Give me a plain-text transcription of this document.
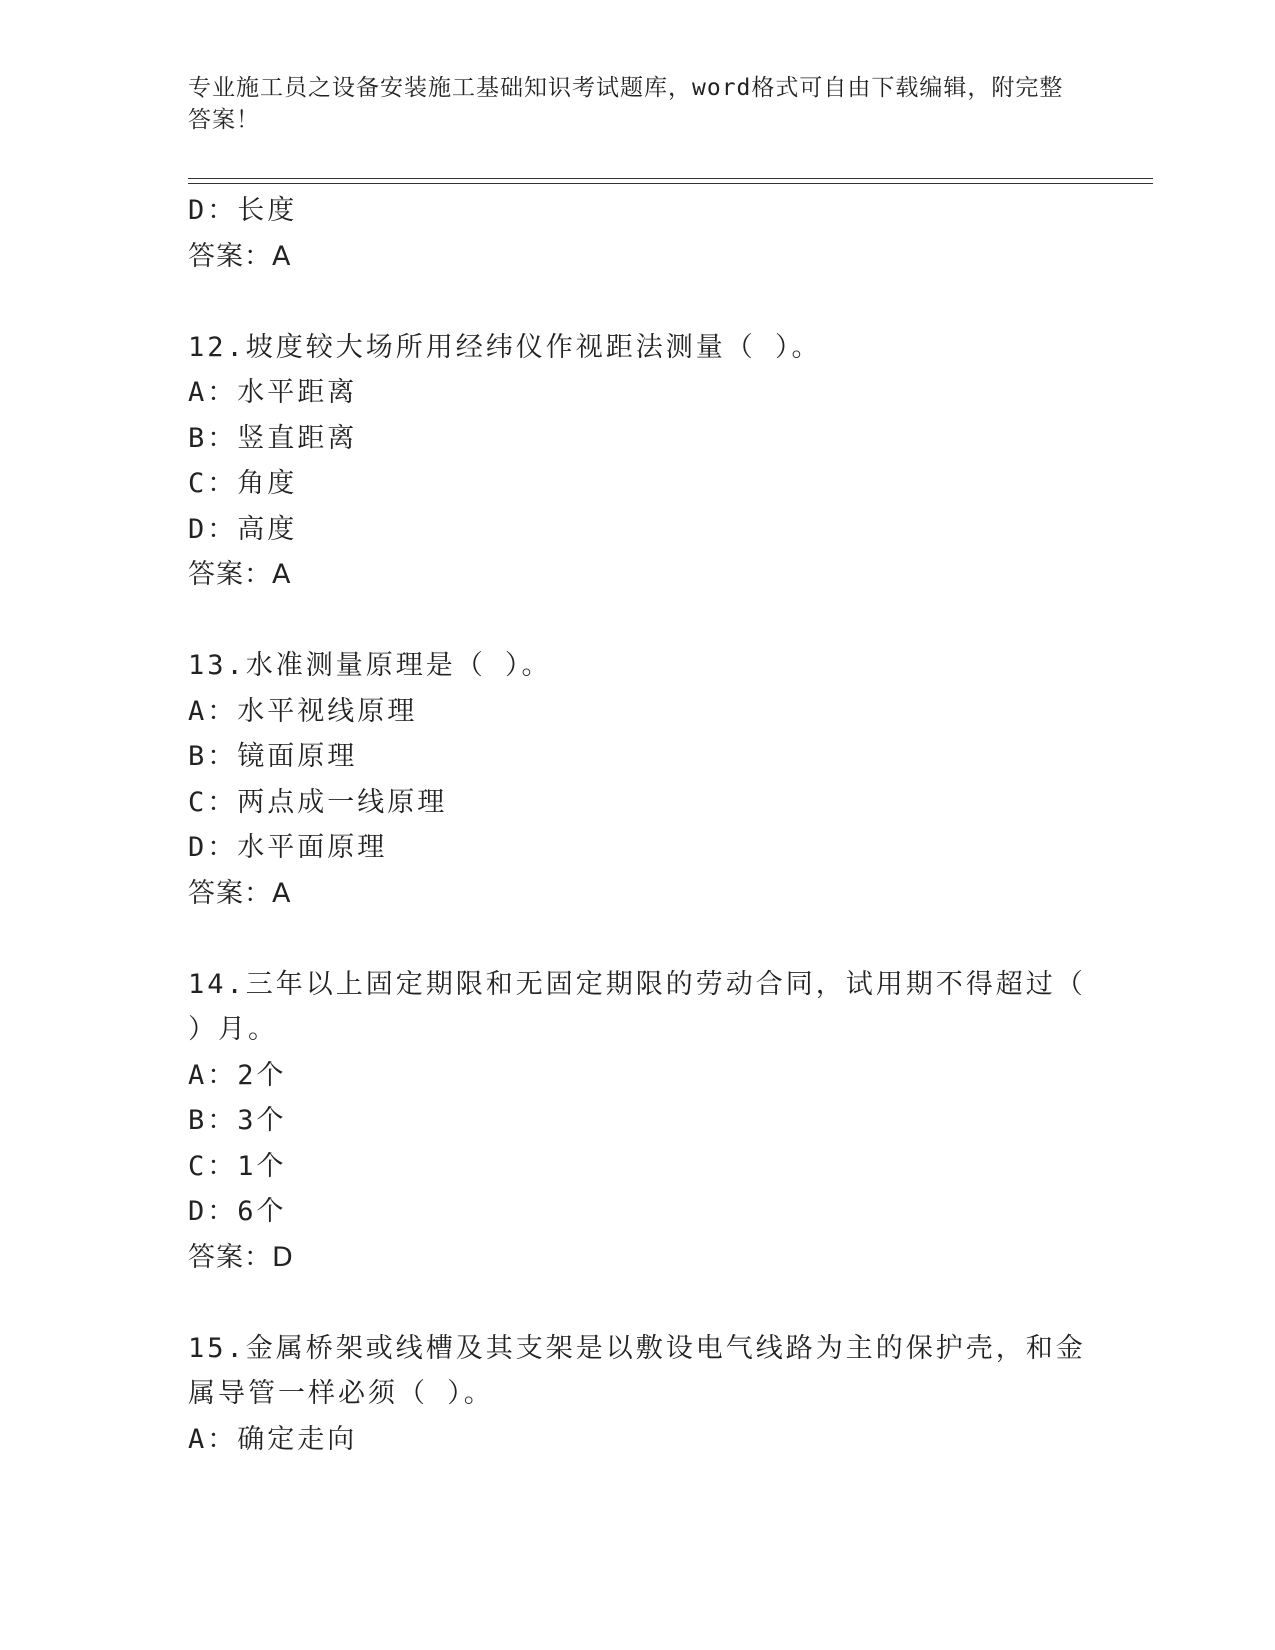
专业施工员之设备安装施工基础知识考试题库，word格式可自由下载编辑，附完整答案！
D：长度
答案：A
12.坡度较大场所用经纬仪作视距法测量（ ）。
A：水平距离
B：竖直距离
C：角度
D：高度
答案：A
13.水准测量原理是（ ）。
A：水平视线原理
B：镜面原理
C：两点成一线原理
D：水平面原理
答案：A
14.三年以上固定期限和无固定期限的劳动合同，试用期不得超过（ ）月。
A：2个
B：3个
C：1个
D：6个
答案：D
15.金属桥架或线槽及其支架是以敷设电气线路为主的保护壳，和金属导管一样必须（ ）。
A：确定走向
